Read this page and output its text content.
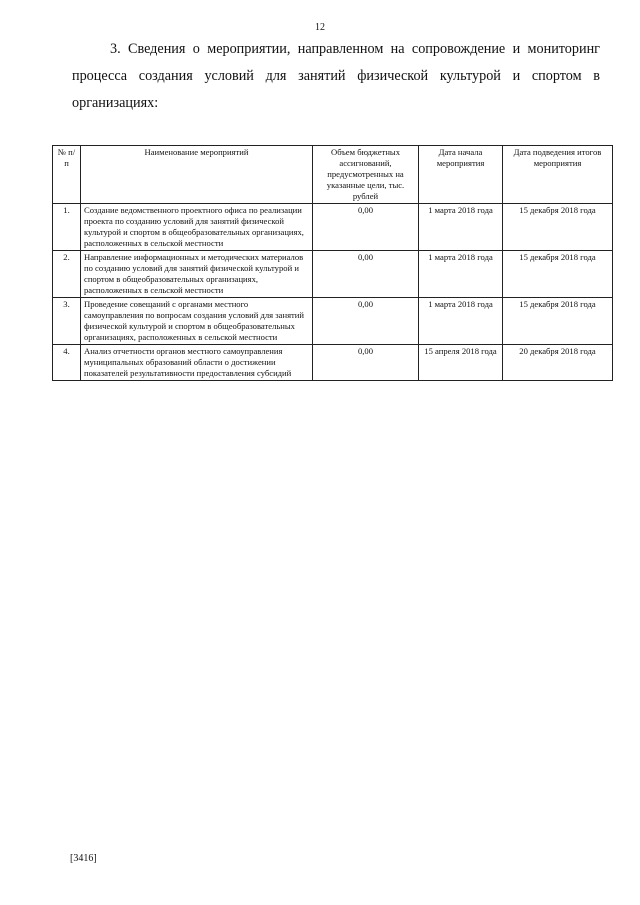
12

3. Сведения о мероприятии, направленном на сопровождение и мониторинг процесса создания условий для занятий физической культурой и спортом в организациях:

№ п/п	Наименование мероприятий	Объем бюджетных ассигнований, предусмотренных на указанные цели, тыс. рублей	Дата начала мероприятия	Дата подведения итогов мероприятия
1.	Создание ведомственного проектного офиса по реализации проекта по созданию условий для занятий физической культурой и спортом в общеобразовательных организациях, расположенных в сельской местности	0,00	1 марта 2018 года	15 декабря 2018 года
2.	Направление информационных и методических материалов по созданию условий для занятий физической культурой и спортом в общеобразовательных организациях, расположенных в сельской местности	0,00	1 марта 2018 года	15 декабря 2018 года
3.	Проведение совещаний с органами местного самоуправления по вопросам создания условий для занятий физической культурой и спортом в общеобразовательных организациях, расположенных в сельской местности	0,00	1 марта 2018 года	15 декабря 2018 года
4.	Анализ отчетности органов местного самоуправления муниципальных образований области о достижении показателей результативности предоставления субсидий	0,00	15 апреля 2018 года	20 декабря 2018 года
[3416]
